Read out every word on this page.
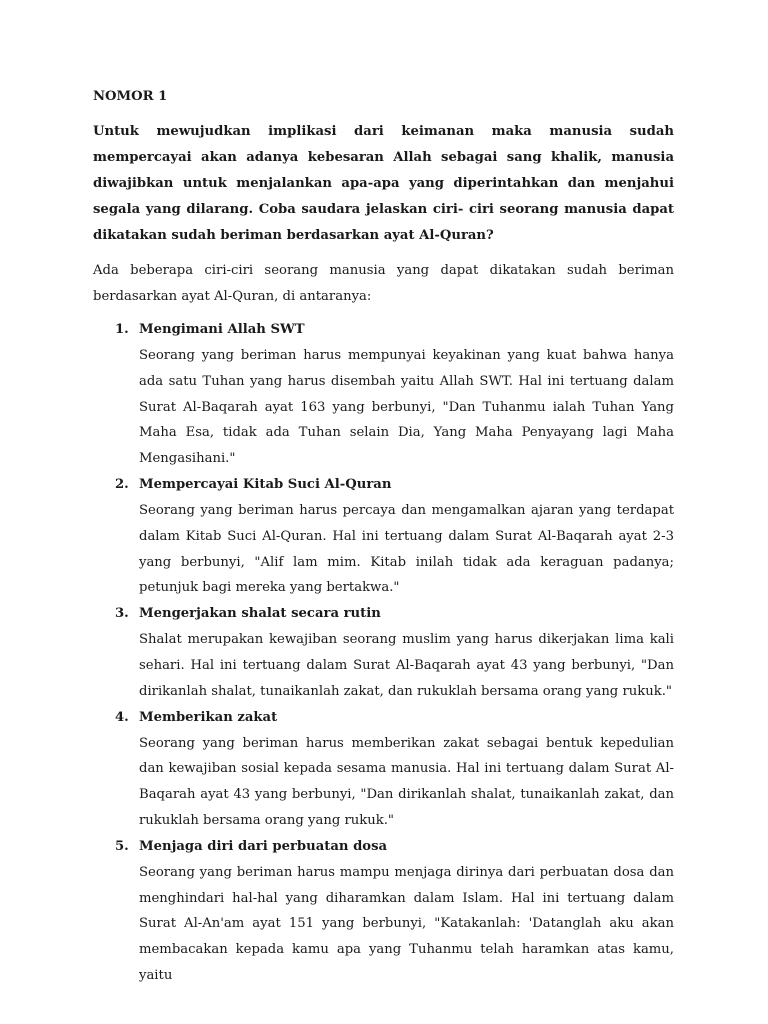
NOMOR 1
Untuk mewujudkan implikasi dari keimanan maka manusia sudah mempercayai akan adanya kebesaran Allah sebagai sang khalik, manusia diwajibkan untuk menjalankan apa-apa yang diperintahkan dan menjahui segala yang dilarang. Coba saudara jelaskan ciri- ciri seorang manusia dapat dikatakan sudah beriman berdasarkan ayat Al-Quran?
Ada beberapa ciri-ciri seorang manusia yang dapat dikatakan sudah beriman berdasarkan ayat Al-Quran, di antaranya:
1. Mengimani Allah SWT
Seorang yang beriman harus mempunyai keyakinan yang kuat bahwa hanya ada satu Tuhan yang harus disembah yaitu Allah SWT. Hal ini tertuang dalam Surat Al-Baqarah ayat 163 yang berbunyi, "Dan Tuhanmu ialah Tuhan Yang Maha Esa, tidak ada Tuhan selain Dia, Yang Maha Penyayang lagi Maha Mengasihani."
2. Mempercayai Kitab Suci Al-Quran
Seorang yang beriman harus percaya dan mengamalkan ajaran yang terdapat dalam Kitab Suci Al-Quran. Hal ini tertuang dalam Surat Al-Baqarah ayat 2-3 yang berbunyi, "Alif lam mim. Kitab inilah tidak ada keraguan padanya; petunjuk bagi mereka yang bertakwa."
3. Mengerjakan shalat secara rutin
Shalat merupakan kewajiban seorang muslim yang harus dikerjakan lima kali sehari. Hal ini tertuang dalam Surat Al-Baqarah ayat 43 yang berbunyi, "Dan dirikanlah shalat, tunaikanlah zakat, dan rukuklah bersama orang yang rukuk."
4. Memberikan zakat
Seorang yang beriman harus memberikan zakat sebagai bentuk kepedulian dan kewajiban sosial kepada sesama manusia. Hal ini tertuang dalam Surat Al-Baqarah ayat 43 yang berbunyi, "Dan dirikanlah shalat, tunaikanlah zakat, dan rukuklah bersama orang yang rukuk."
5. Menjaga diri dari perbuatan dosa
Seorang yang beriman harus mampu menjaga dirinya dari perbuatan dosa dan menghindari hal-hal yang diharamkan dalam Islam. Hal ini tertuang dalam Surat Al-An'am ayat 151 yang berbunyi, "Katakanlah: 'Datanglah aku akan membacakan kepada kamu apa yang Tuhanmu telah haramkan atas kamu, yaitu
